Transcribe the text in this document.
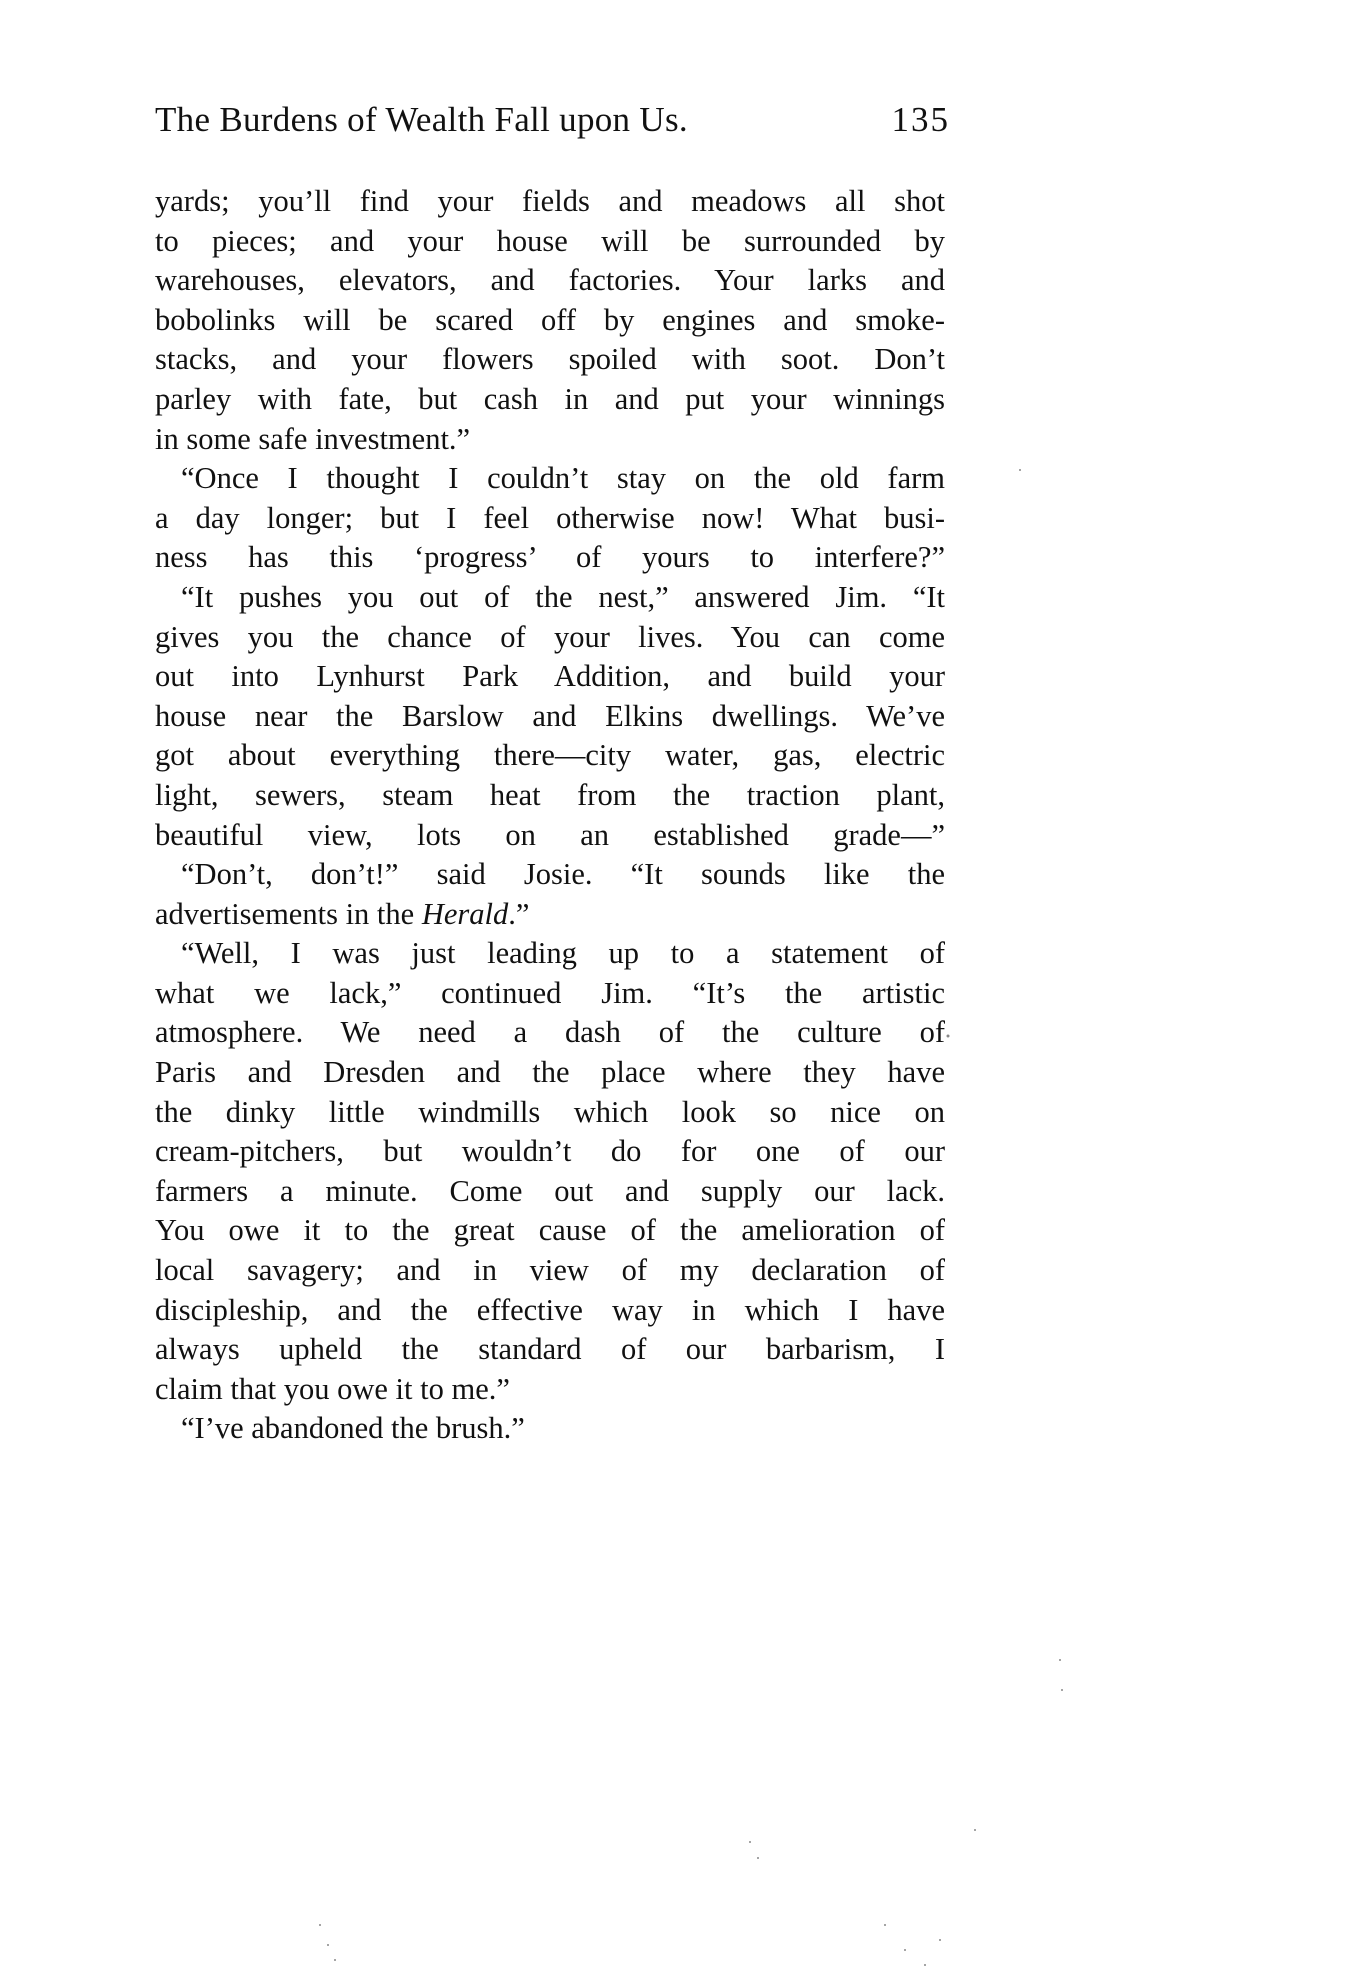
The Burdens of Wealth Fall upon Us.	135
yards; you’ll find your fields and meadows all shot
to pieces; and your house will be surrounded by
warehouses, elevators, and factories. Your larks and
bobolinks will be scared off by engines and smoke-
stacks, and your flowers spoiled with soot. Don’t
parley with fate, but cash in and put your winnings
in some safe investment.”
“Once I thought I couldn’t stay on the old farm
a day longer; but I feel otherwise now! What busi-
ness has this ‘progress’ of yours to interfere?”
“It pushes you out of the nest,” answered Jim. “It
gives you the chance of your lives. You can come
out into Lynhurst Park Addition, and build your
house near the Barslow and Elkins dwellings. We’ve
got about everything there—city water, gas, electric
light, sewers, steam heat from the traction plant,
beautiful view, lots on an established grade—”
“Don’t, don’t!” said Josie. “It sounds like the
advertisements in the Herald.”
“Well, I was just leading up to a statement of
what we lack,” continued Jim. “It’s the artistic
atmosphere. We need a dash of the culture of
Paris and Dresden and the place where they have
the dinky little windmills which look so nice on
cream-pitchers, but wouldn’t do for one of our
farmers a minute. Come out and supply our lack.
You owe it to the great cause of the amelioration of
local savagery; and in view of my declaration of
discipleship, and the effective way in which I have
always upheld the standard of our barbarism, I
claim that you owe it to me.”
“I’ve abandoned the brush.”
